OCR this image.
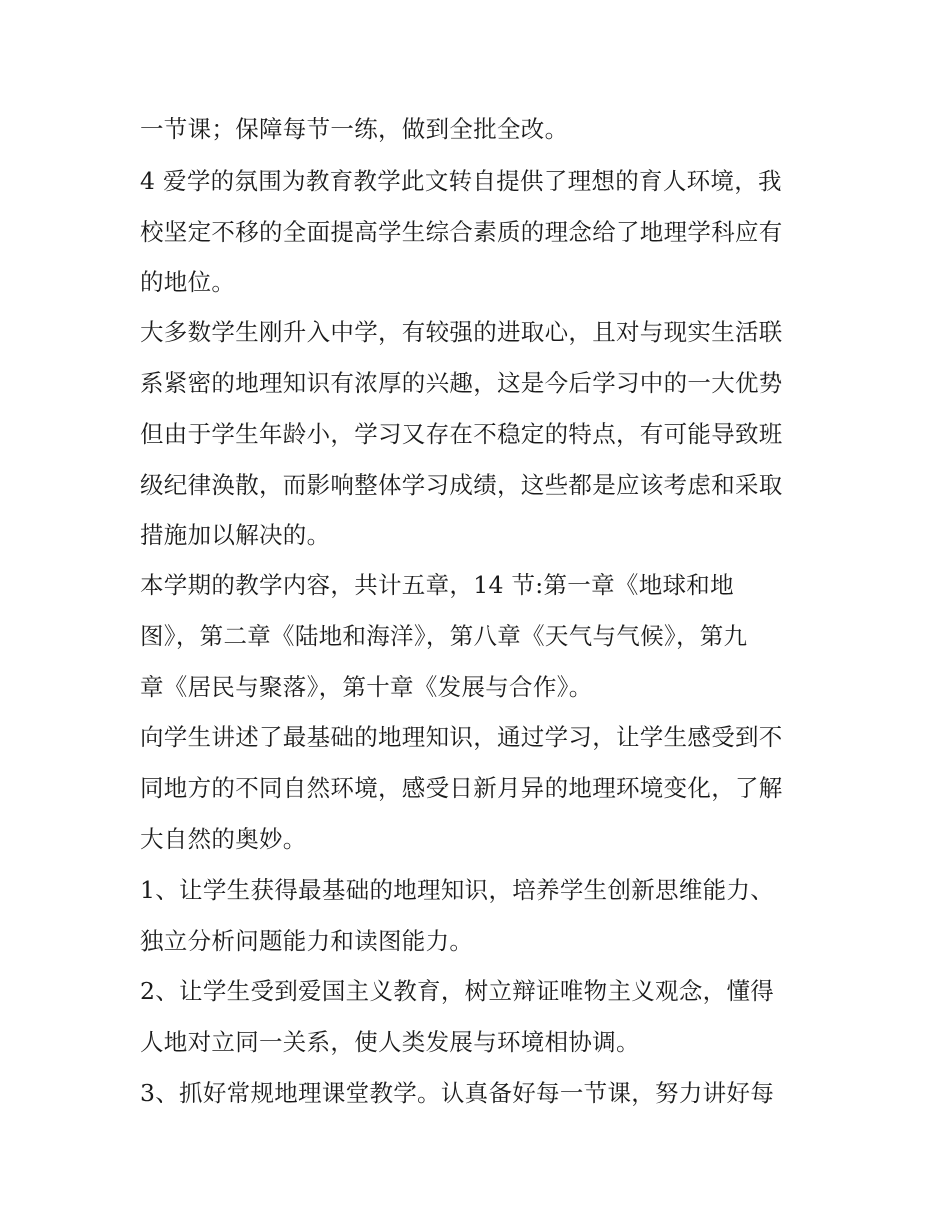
一节课；保障每节一练，做到全批全改。
4 爱学的氛围为教育教学此文转自提供了理想的育人环境，我
校坚定不移的全面提高学生综合素质的理念给了地理学科应有
的地位。
大多数学生刚升入中学，有较强的进取心，且对与现实生活联
系紧密的地理知识有浓厚的兴趣，这是今后学习中的一大优势
但由于学生年龄小，学习又存在不稳定的特点，有可能导致班
级纪律涣散，而影响整体学习成绩，这些都是应该考虑和采取
措施加以解决的。
本学期的教学内容，共计五章，14 节:第一章《地球和地
图》，第二章《陆地和海洋》，第八章《天气与气候》，第九
章《居民与聚落》，第十章《发展与合作》。
向学生讲述了最基础的地理知识，通过学习，让学生感受到不
同地方的不同自然环境，感受日新月异的地理环境变化，了解
大自然的奥妙。
1、让学生获得最基础的地理知识，培养学生创新思维能力、
独立分析问题能力和读图能力。
2、让学生受到爱国主义教育，树立辩证唯物主义观念，懂得
人地对立同一关系，使人类发展与环境相协调。
3、抓好常规地理课堂教学。认真备好每一节课，努力讲好每
